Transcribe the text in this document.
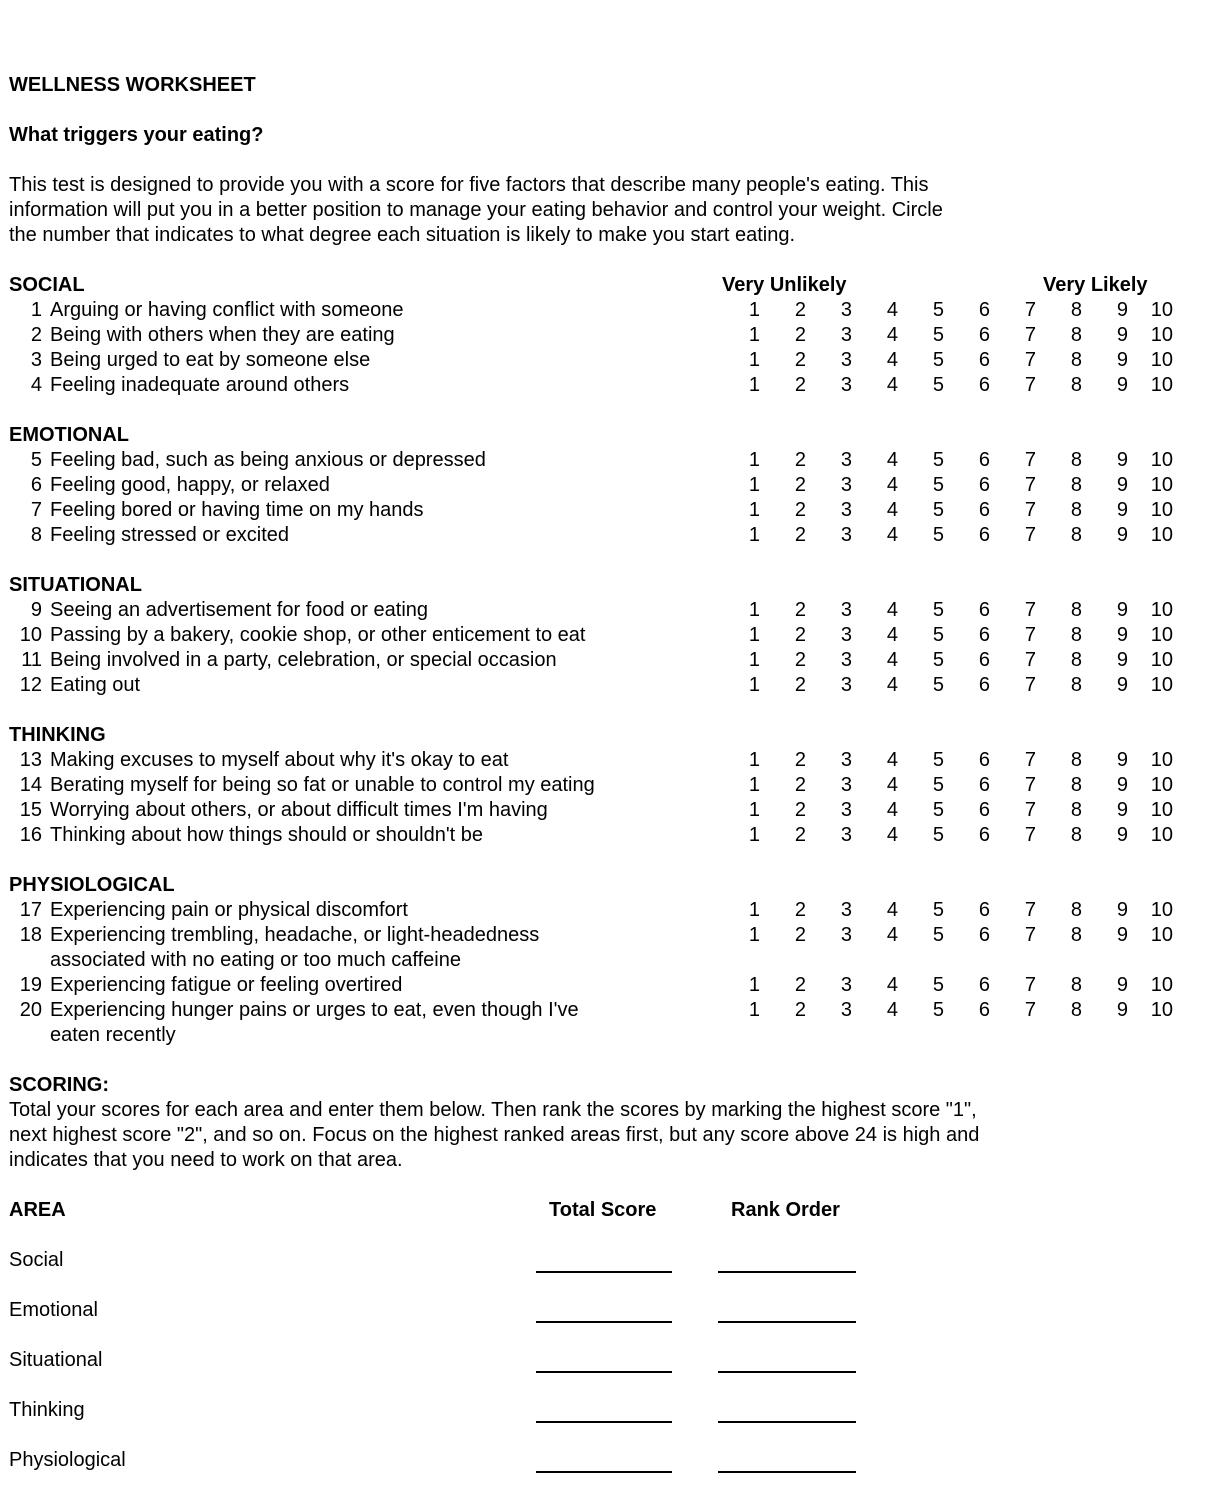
WELLNESS WORKSHEET
What triggers your eating?
This test is designed to provide you with a score for five factors that describe many people's eating. This
information will put you in a better position to manage your eating behavior and control your weight. Circle
the number that indicates to what degree each situation is likely to make you start eating.
Very Unlikely	Very Likely
SOCIAL
1 Arguing or having conflict with someone	1	2	3	4	5	6	7	8	9	10
2 Being with others when they are eating	1	2	3	4	5	6	7	8	9	10
3 Being urged to eat by someone else	1	2	3	4	5	6	7	8	9	10
4 Feeling inadequate around others	1	2	3	4	5	6	7	8	9	10
EMOTIONAL
5 Feeling bad, such as being anxious or depressed	1	2	3	4	5	6	7	8	9	10
6 Feeling good, happy, or relaxed	1	2	3	4	5	6	7	8	9	10
7 Feeling bored or having time on my hands	1	2	3	4	5	6	7	8	9	10
8 Feeling stressed or excited	1	2	3	4	5	6	7	8	9	10
SITUATIONAL
9 Seeing an advertisement for food or eating	1	2	3	4	5	6	7	8	9	10
10 Passing by a bakery, cookie shop, or other enticement to eat	1	2	3	4	5	6	7	8	9	10
11 Being involved in a party, celebration, or special occasion	1	2	3	4	5	6	7	8	9	10
12 Eating out	1	2	3	4	5	6	7	8	9	10
THINKING
13 Making excuses to myself about why it's okay to eat	1	2	3	4	5	6	7	8	9	10
14 Berating myself for being so fat or unable to control my eating	1	2	3	4	5	6	7	8	9	10
15 Worrying about others, or about difficult times I'm having	1	2	3	4	5	6	7	8	9	10
16 Thinking about how things should or shouldn't be	1	2	3	4	5	6	7	8	9	10
PHYSIOLOGICAL
17 Experiencing pain or physical discomfort	1	2	3	4	5	6	7	8	9	10
18 Experiencing trembling, headache, or light-headedness	1	2	3	4	5	6	7	8	9	10
associated with no eating or too much caffeine
19 Experiencing fatigue or feeling overtired	1	2	3	4	5	6	7	8	9	10
20 Experiencing hunger pains or urges to eat, even though I've	1	2	3	4	5	6	7	8	9	10
eaten recently
SCORING:
Total your scores for each area and enter them below. Then rank the scores by marking the highest score "1",
next highest score "2", and so on. Focus on the highest ranked areas first, but any score above 24 is high and
indicates that you need to work on that area.
AREA	Total Score	Rank Order
Social
Emotional
Situational
Thinking
Physiological
